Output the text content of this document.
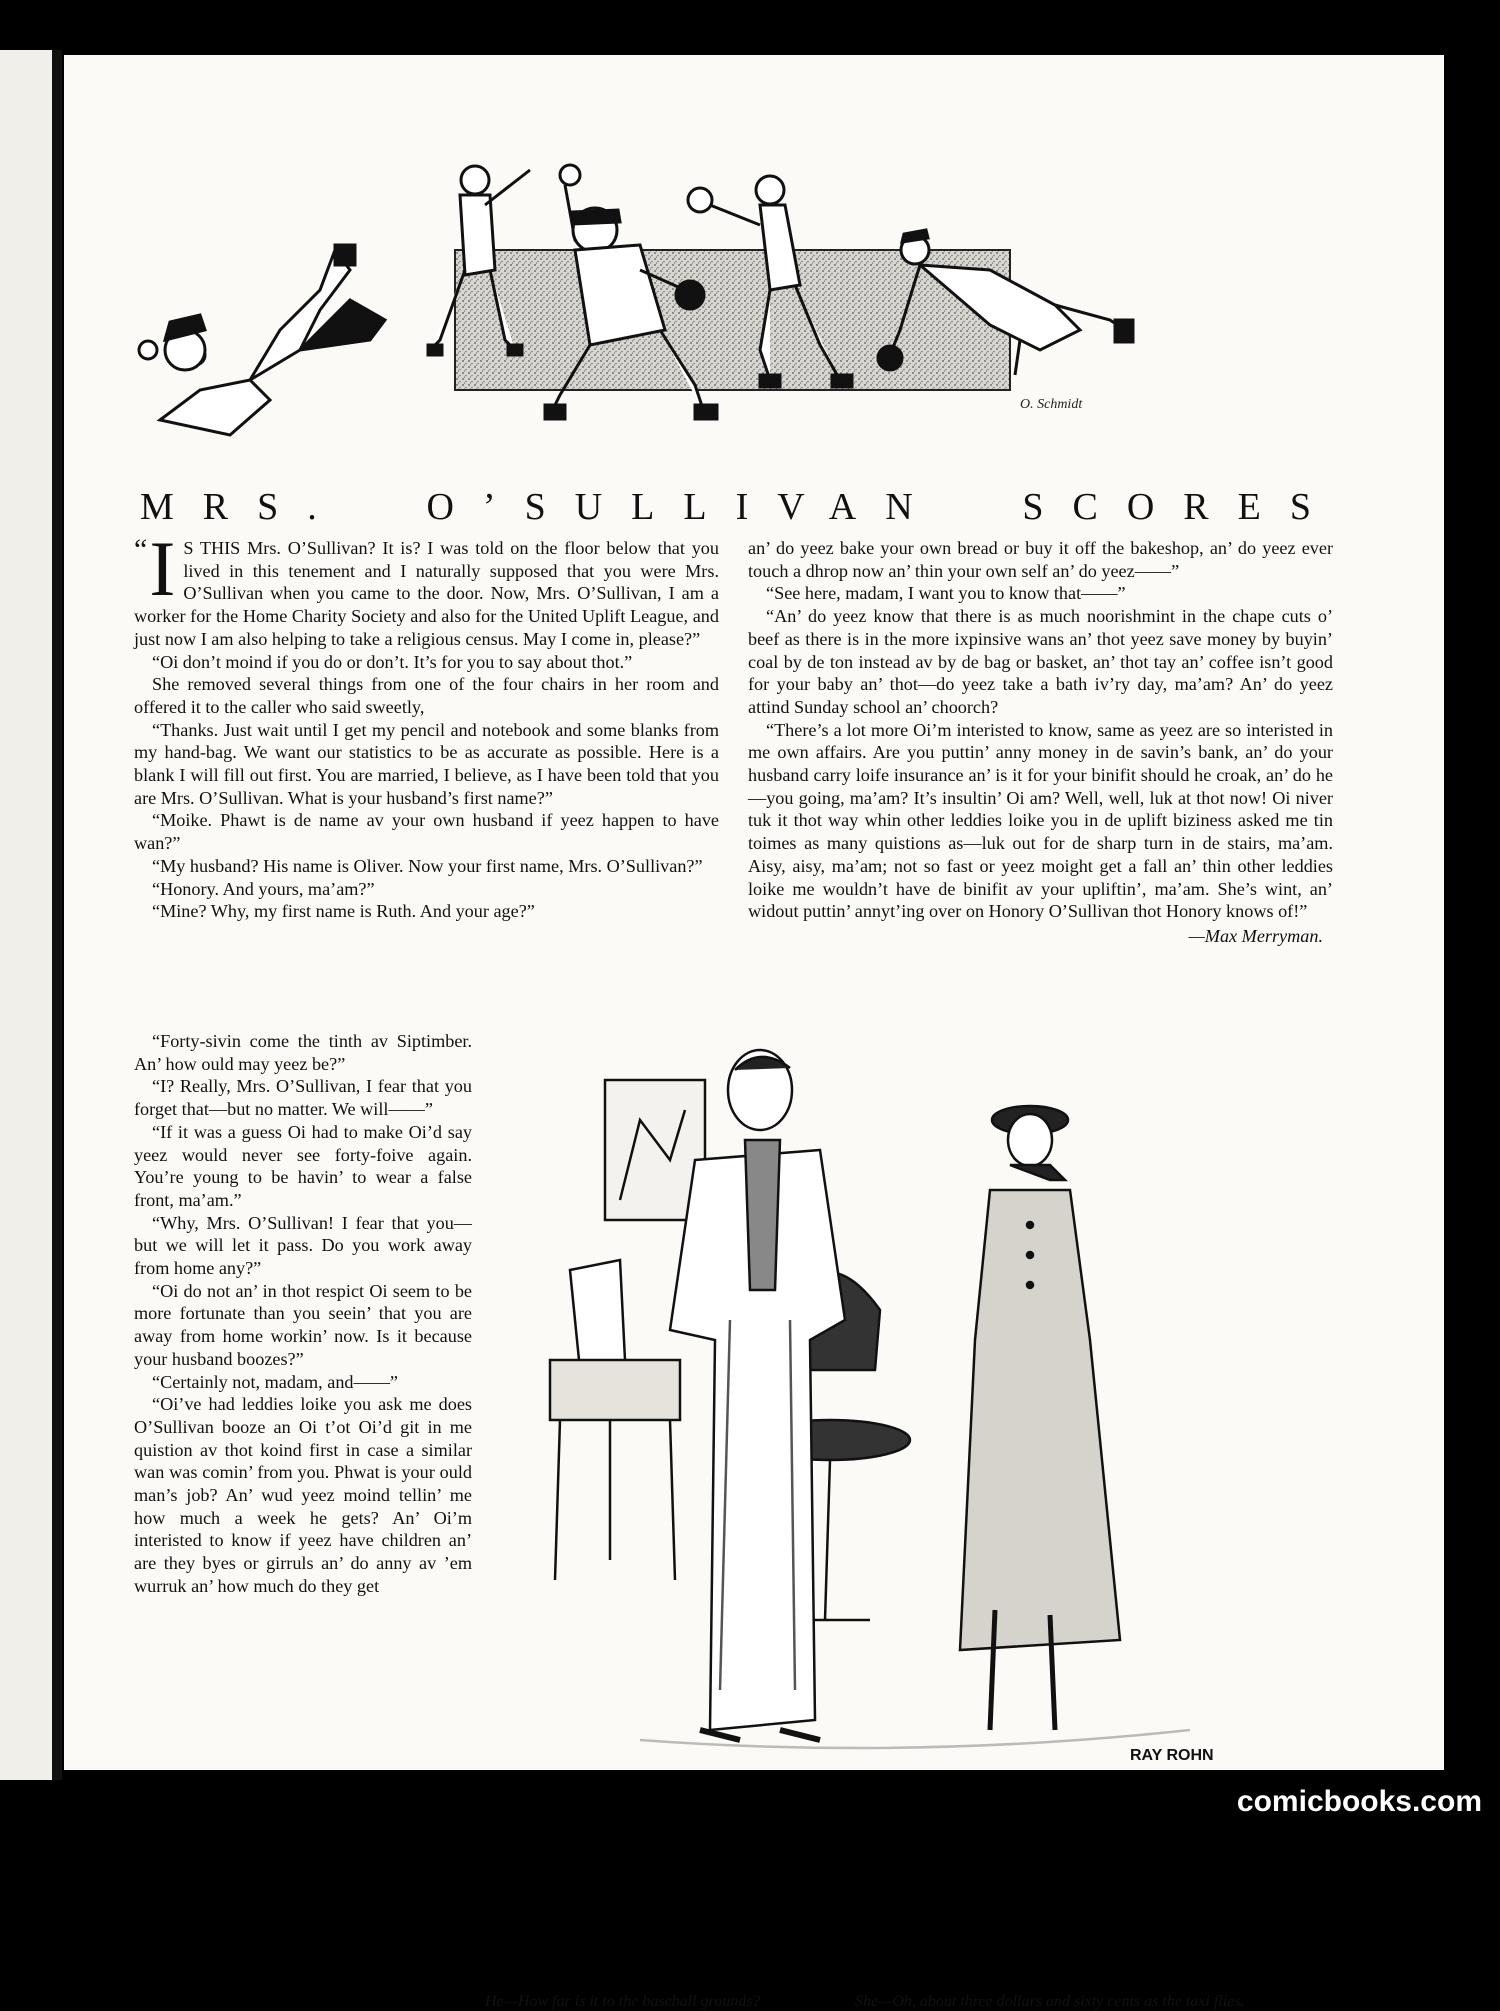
O. Schmidt
MRS. O’SULLIVAN SCORES

“ I S THIS Mrs. O’Sullivan? It is? I was told on the floor below that you lived in this tenement and I naturally supposed that you were Mrs. O’Sullivan when you came to the door. Now, Mrs. O’Sullivan, I am a worker for the Home Charity Society and also for the United Uplift League, and just now I am also helping to take a religious census. May I come in, please?”

“Oi don’t moind if you do or don’t. It’s for you to say about thot.”

She removed several things from one of the four chairs in her room and offered it to the caller who said sweetly,

“Thanks. Just wait until I get my pencil and notebook and some blanks from my hand-bag. We want our statistics to be as accurate as possible. Here is a blank I will fill out first. You are married, I believe, as I have been told that you are Mrs. O’Sullivan. What is your husband’s first name?”

“Moike. Phawt is de name av your own husband if yeez happen to have wan?”

“My husband? His name is Oliver. Now your first name, Mrs. O’Sullivan?”

“Honory. And yours, ma’am?”

“Mine? Why, my first name is Ruth. And your age?”

“Forty-sivin come the tinth av Siptimber. An’ how ould may yeez be?”

“I? Really, Mrs. O’Sullivan, I fear that you forget that—but no matter. We will——”

“If it was a guess Oi had to make Oi’d say yeez would never see forty-foive again. You’re young to be havin’ to wear a false front, ma’am.”

“Why, Mrs. O’Sullivan! I fear that you—but we will let it pass. Do you work away from home any?”

“Oi do not an’ in thot respict Oi seem to be more fortunate than you seein’ that you are away from home workin’ now. Is it because your husband boozes?”

“Certainly not, madam, and——”

“Oi’ve had leddies loike you ask me does O’Sullivan booze an Oi t’ot Oi’d git in me quistion av thot koind first in case a similar wan was comin’ from you. Phwat is your ould man’s job? An’ wud yeez moind tellin’ me how much a week he gets? An’ Oi’m interisted to know if yeez have children an’ are they byes or girruls an’ do anny av ’em wurruk an’ how much do they get

an’ do yeez bake your own bread or buy it off the bakeshop, an’ do yeez ever touch a dhrop now an’ thin your own self an’ do yeez——”

“See here, madam, I want you to know that——”

“An’ do yeez know that there is as much noorishmint in the chape cuts o’ beef as there is in the more ixpinsive wans an’ thot yeez save money by buyin’ coal by de ton instead av by de bag or basket, an’ thot tay an’ coffee isn’t good for your baby an’ thot—do yeez take a bath iv’ry day, ma’am? An’ do yeez attind Sunday school an’ choorch?

“There’s a lot more Oi’m interisted to know, same as yeez are so interisted in me own affairs. Are you puttin’ anny money in de savin’s bank, an’ do your husband carry loife insurance an’ is it for your binifit should he croak, an’ do he—you going, ma’am? It’s insultin’ Oi am? Well, well, luk at thot now! Oi niver tuk it thot way whin other leddies loike you in de uplift biziness asked me tin toimes as many quistions as—luk out for de sharp turn in de stairs, ma’am. Aisy, aisy, ma’am; not so fast or yeez moight get a fall an’ thin other leddies loike me wouldn’t have de binifit av your upliftin’, ma’am. She’s wint, an’ widout puttin’ annyt’ing over on Honory O’Sullivan thot Honory knows of!”

—Max Merryman.
RAY ROHN
He—How far is it to the baseball grounds?	She—Oh, about three dollars and sixty cents as the taxi flies.
comicbooks.com
